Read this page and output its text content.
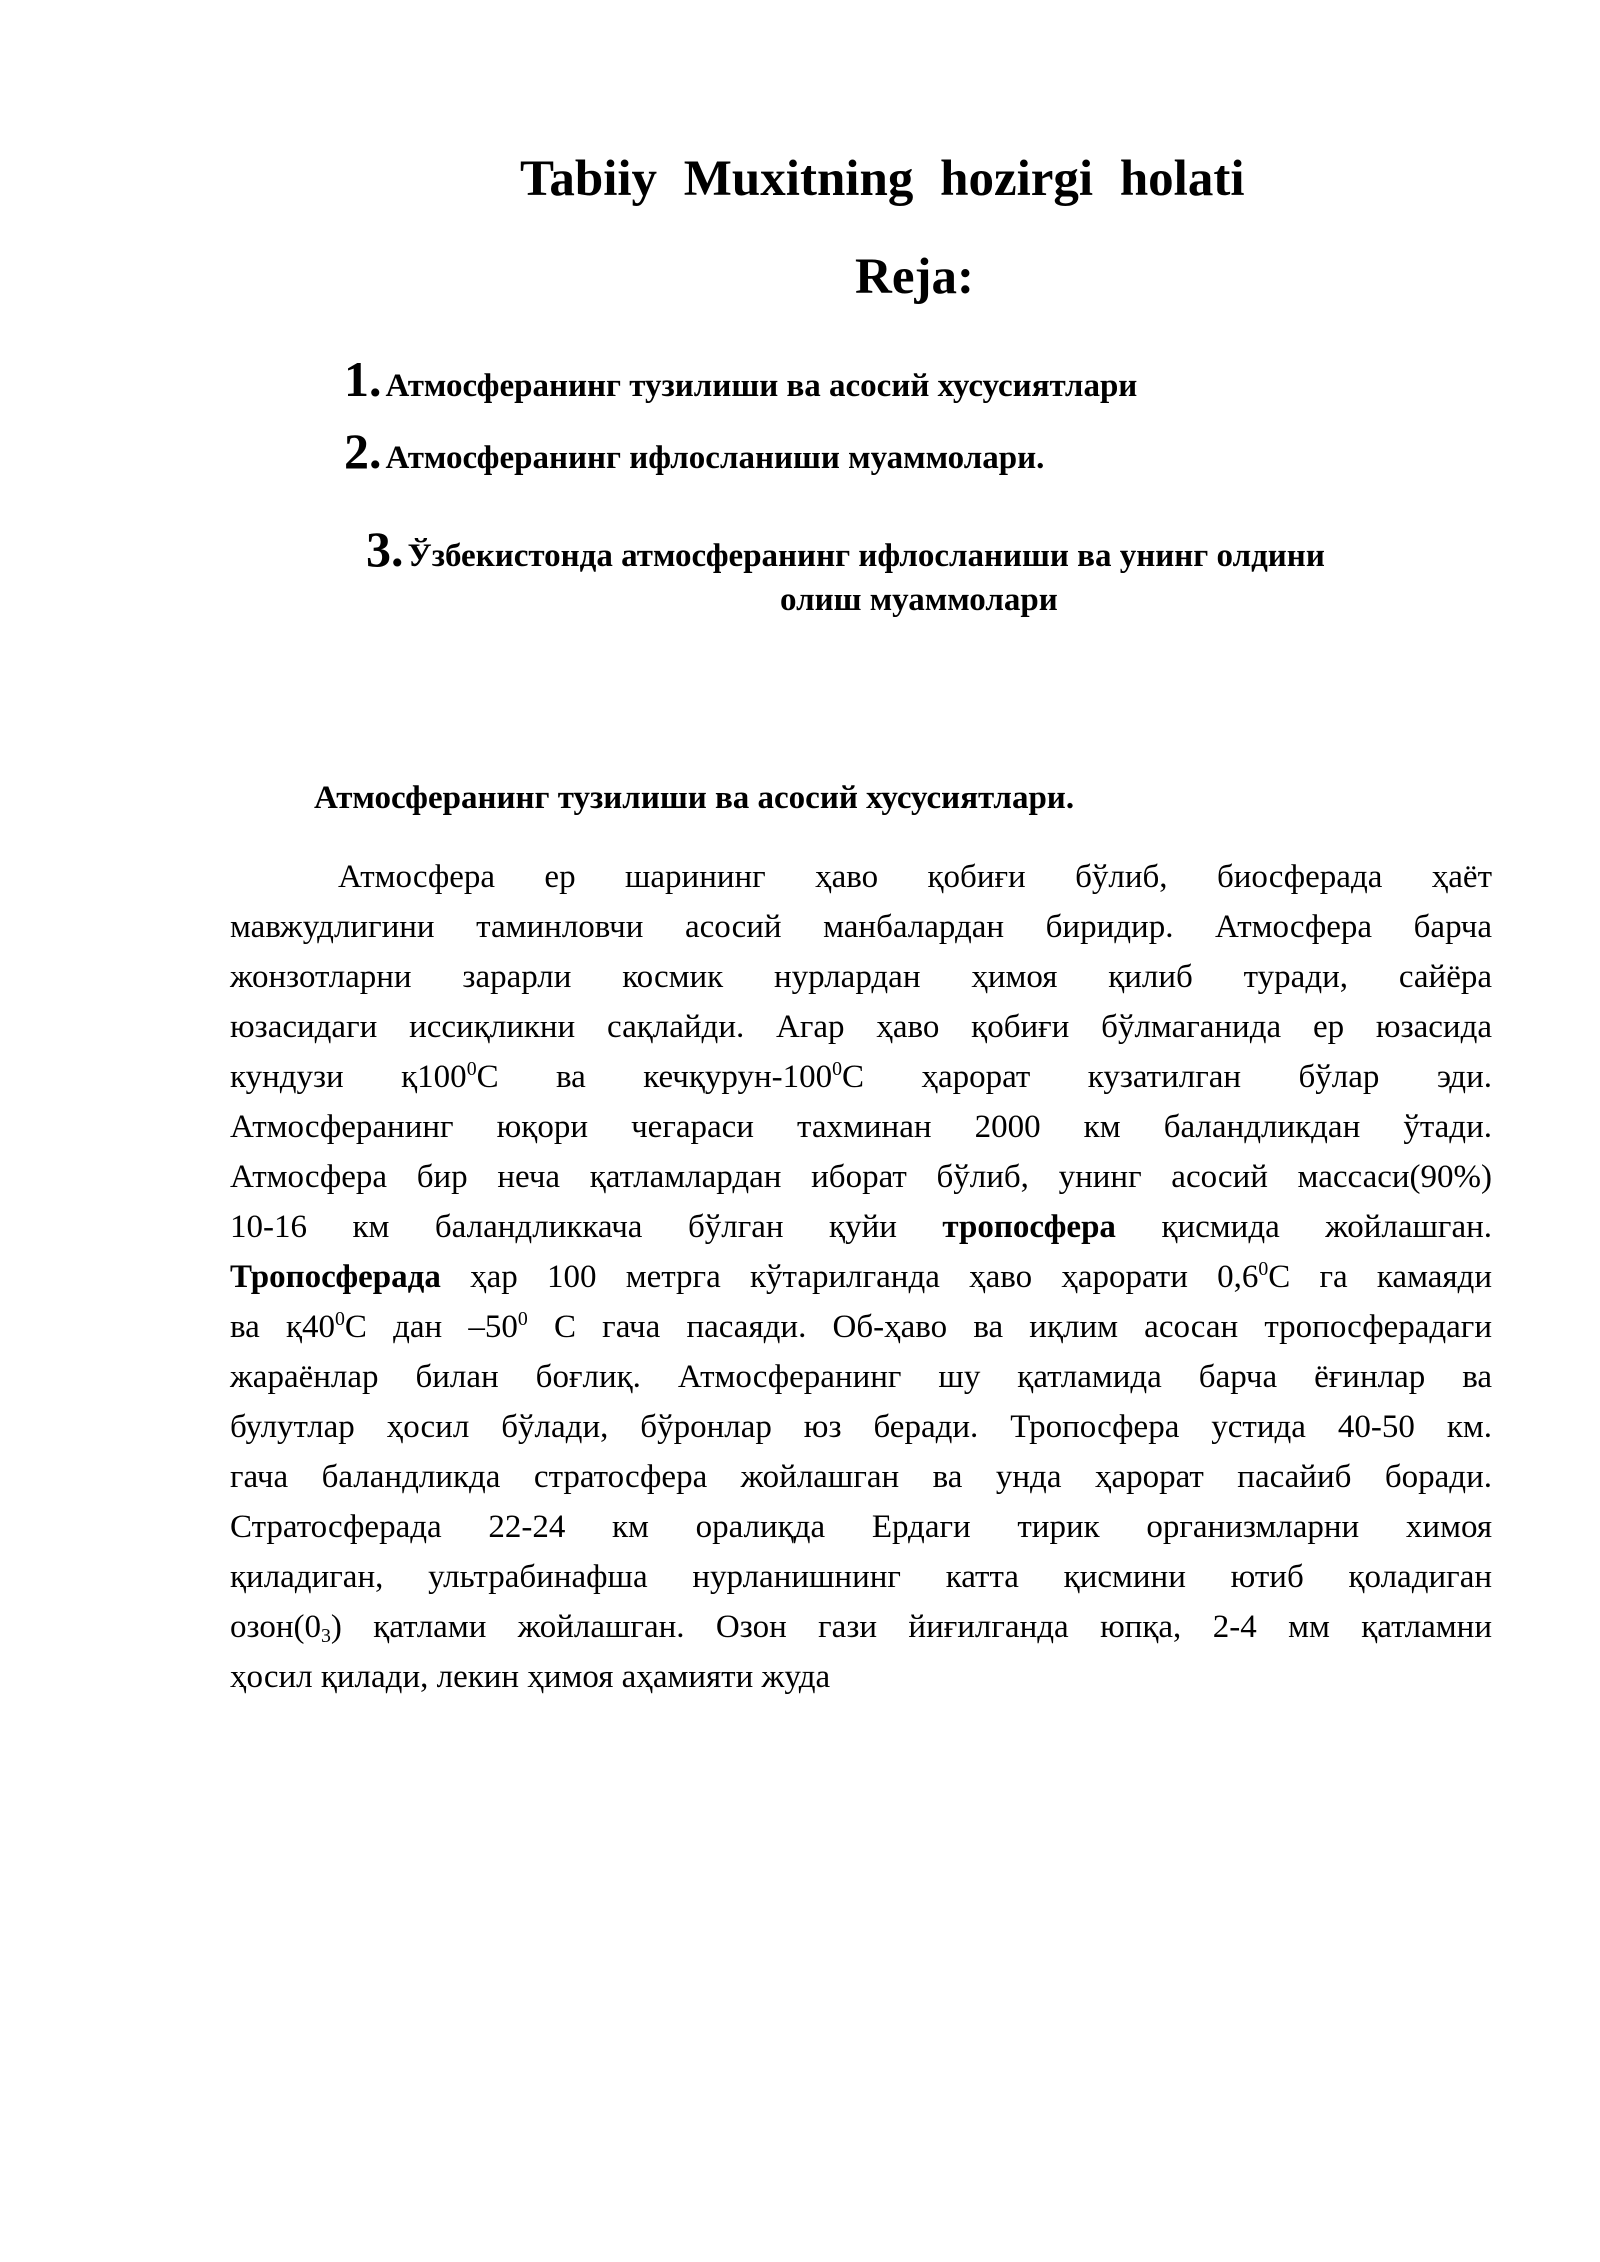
Tabiiy Muxitning hozirgi holati
Reja:
1. Атмосферанинг тузилиши ва асосий хусусиятлари
2. Атмосферанинг ифлосланиши муаммолари.
3. Ўзбекистонда атмосферанинг ифлосланиши ва унинг олдини
олиш муаммолари
Атмосферанинг тузилиши ва асосий хусусиятлари.
Атмосфера ер шарининг ҳаво қобиғи бўлиб, биосферада ҳаёт
мавжудлигини таминловчи асосий манбалардан биридир. Атмосфера барча
жонзотларни зарарли космик нурлардан ҳимоя қилиб туради, сайёра
юзасидаги иссиқликни сақлайди. Агар ҳаво қобиғи бўлмаганида ер юзасида
кундузи $қ100^0С$ ва кечқурун-$100^0С$ ҳарорат кузатилган бўлар эди.
Атмосферанинг юқори чегараси тахминан 2000 км баландликдан ўтади.
Атмосфера бир неча қатламлардан иборат бўлиб, унинг асосий массаси(90%)
10-16 км баландликкача бўлган қуйи тропосфера қисмида жойлашган.
Тропосферада ҳар 100 метрга кўтарилганда ҳаво ҳарорати $0,6^0С$ га камаяди
ва $қ40^0С$ дан $-50^0$ С гача пасаяди. Об-ҳаво ва иқлим асосан тропосферадаги
жараёнлар билан боғлиқ. Атмосферанинг шу қатламида барча ёғинлар ва
булутлар ҳосил бўлади, бўронлар юз беради. Тропосфера устида 40-50 км.
гача баландликда стратосфера жойлашган ва унда ҳарорат пасайиб боради.
Стратосферада 22-24 км оралиқда Ердаги тирик организмларни химоя
қиладиган, ультрабинафша нурланишнинг катта қисмини ютиб қоладиган
$озон(0_3)$ қатлами жойлашган. Озон гази йиғилганда юпқа, 2-4 мм қатламни
ҳосил қилади, лекин ҳимоя аҳамияти жуда
